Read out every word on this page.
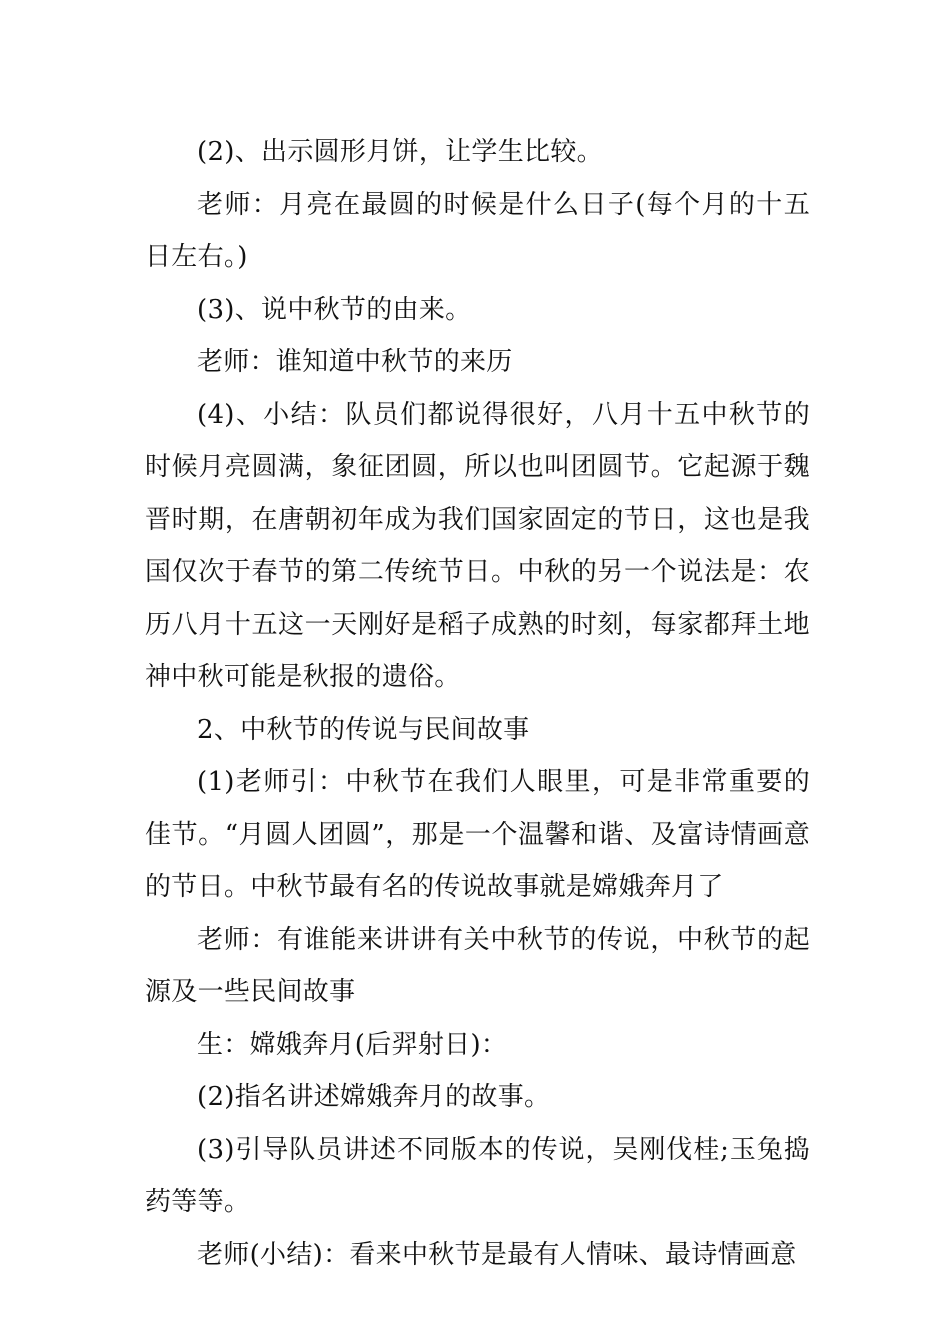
(2)、出示圆形月饼，让学生比较。

老师：月亮在最圆的时候是什么日子(每个月的十五日左右。)

(3)、说中秋节的由来。

老师：谁知道中秋节的来历

(4)、小结：队员们都说得很好，八月十五中秋节的时候月亮圆满，象征团圆，所以也叫团圆节。它起源于魏晋时期，在唐朝初年成为我们国家固定的节日，这也是我国仅次于春节的第二传统节日。中秋的另一个说法是：农历八月十五这一天刚好是稻子成熟的时刻，每家都拜土地神中秋可能是秋报的遗俗。

2、中秋节的传说与民间故事

(1)老师引：中秋节在我们人眼里，可是非常重要的佳节。“月圆人团圆”，那是一个温馨和谐、及富诗情画意的节日。中秋节最有名的传说故事就是嫦娥奔月了

老师：有谁能来讲讲有关中秋节的传说，中秋节的起源及一些民间故事

生：嫦娥奔月(后羿射日)：

(2)指名讲述嫦娥奔月的故事。

(3)引导队员讲述不同版本的传说，吴刚伐桂;玉兔捣药等等。

老师(小结)：看来中秋节是最有人情味、最诗情画意
